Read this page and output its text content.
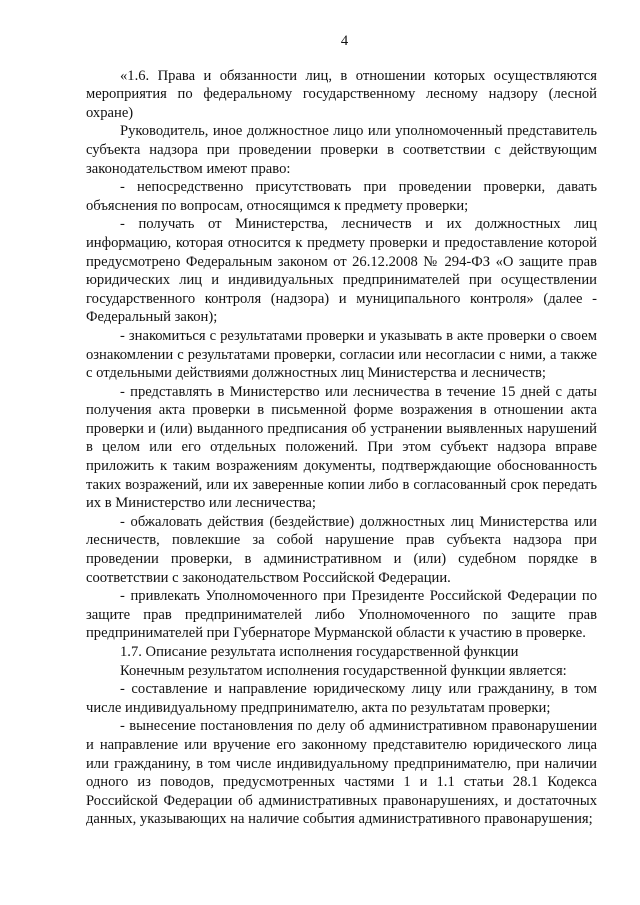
4

«1.6. Права и обязанности лиц, в отношении которых осуществляются мероприятия по федеральному государственному лесному надзору (лесной охране)

Руководитель, иное должностное лицо или уполномоченный представитель субъекта надзора при проведении проверки в соответствии с действующим законодательством имеют право:

- непосредственно присутствовать при проведении проверки, давать объяснения по вопросам, относящимся к предмету проверки;

- получать от Министерства, лесничеств и их должностных лиц информацию, которая относится к предмету проверки и предоставление которой предусмотрено Федеральным законом от 26.12.2008 № 294-ФЗ «О защите прав юридических лиц и индивидуальных предпринимателей при осуществлении государственного контроля (надзора) и муниципального контроля» (далее - Федеральный закон);

- знакомиться с результатами проверки и указывать в акте проверки о своем ознакомлении с результатами проверки, согласии или несогласии с ними, а также с отдельными действиями должностных лиц Министерства и лесничеств;

- представлять в Министерство или лесничества в течение 15 дней с даты получения акта проверки в письменной форме возражения в отношении акта проверки и (или) выданного предписания об устранении выявленных нарушений в целом или его отдельных положений. При этом субъект надзора вправе приложить к таким возражениям документы, подтверждающие обоснованность таких возражений, или их заверенные копии либо в согласованный срок передать их в Министерство или лесничества;

- обжаловать действия (бездействие) должностных лиц Министерства или лесничеств, повлекшие за собой нарушение прав субъекта надзора при проведении проверки, в административном и (или) судебном порядке в соответствии с законодательством Российской Федерации.

- привлекать Уполномоченного при Президенте Российской Федерации по защите прав предпринимателей либо Уполномоченного по защите прав предпринимателей при Губернаторе Мурманской области к участию в проверке.

1.7. Описание результата исполнения государственной функции

Конечным результатом исполнения государственной функции является:

- составление и направление юридическому лицу или гражданину, в том числе индивидуальному предпринимателю, акта по результатам проверки;

- вынесение постановления по делу об административном правонарушении и направление или вручение его законному представителю юридического лица или гражданину, в том числе индивидуальному предпринимателю, при наличии одного из поводов, предусмотренных частями 1 и 1.1 статьи 28.1 Кодекса Российской Федерации об административных правонарушениях, и достаточных данных, указывающих на наличие события административного правонарушения;
